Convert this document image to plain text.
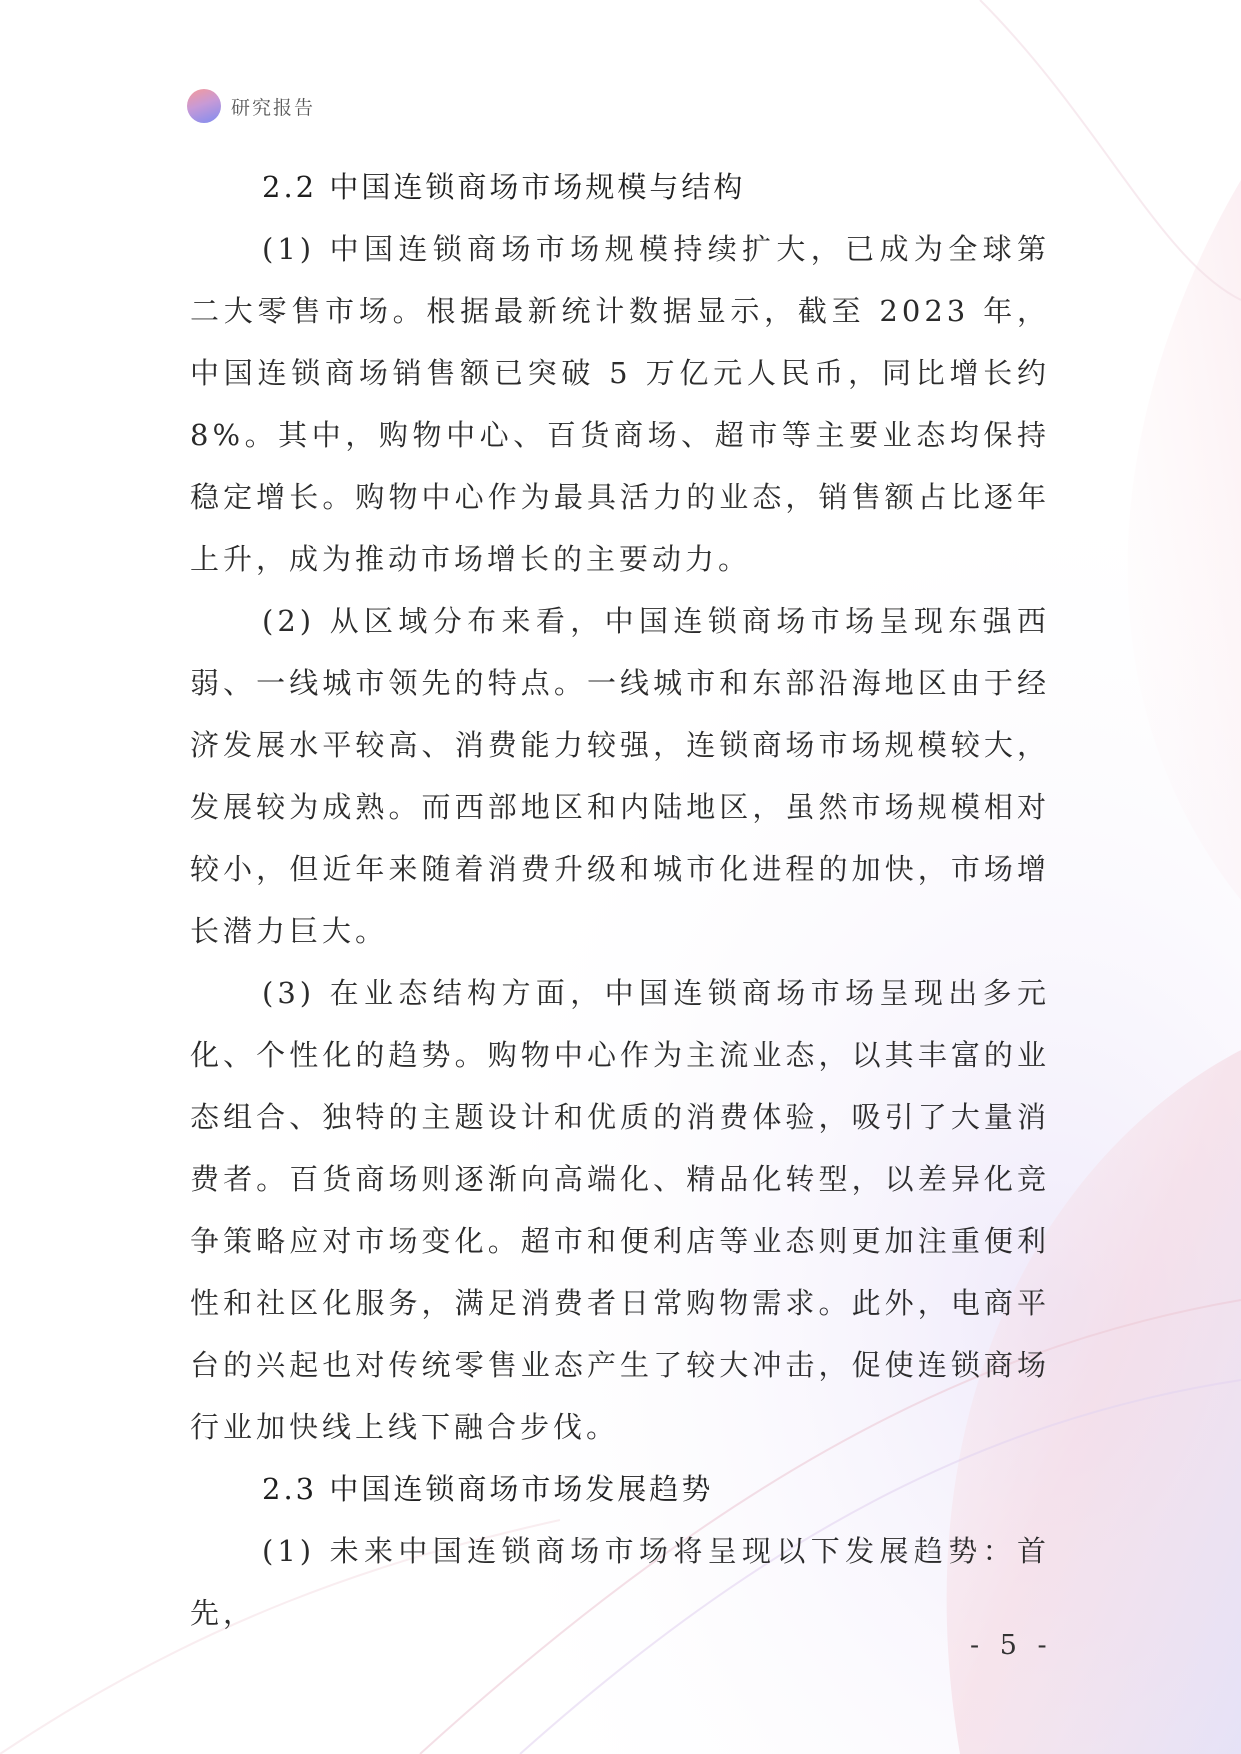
研究报告
2.2 中国连锁商场市场规模与结构

(1) 中国连锁商场市场规模持续扩大，已成为全球第二大零售市场。根据最新统计数据显示，截至 2023 年，中国连锁商场销售额已突破 5 万亿元人民币，同比增长约 8%。其中，购物中心、百货商场、超市等主要业态均保持稳定增长。购物中心作为最具活力的业态，销售额占比逐年上升，成为推动市场增长的主要动力。

(2) 从区域分布来看，中国连锁商场市场呈现东强西弱、一线城市领先的特点。一线城市和东部沿海地区由于经济发展水平较高、消费能力较强，连锁商场市场规模较大，发展较为成熟。而西部地区和内陆地区，虽然市场规模相对较小，但近年来随着消费升级和城市化进程的加快，市场增长潜力巨大。

(3) 在业态结构方面，中国连锁商场市场呈现出多元化、个性化的趋势。购物中心作为主流业态，以其丰富的业态组合、独特的主题设计和优质的消费体验，吸引了大量消费者。百货商场则逐渐向高端化、精品化转型，以差异化竞争策略应对市场变化。超市和便利店等业态则更加注重便利性和社区化服务，满足消费者日常购物需求。此外，电商平台的兴起也对传统零售业态产生了较大冲击，促使连锁商场行业加快线上线下融合步伐。

2.3 中国连锁商场市场发展趋势

(1) 未来中国连锁商场市场将呈现以下发展趋势：首先，

- 5 -
